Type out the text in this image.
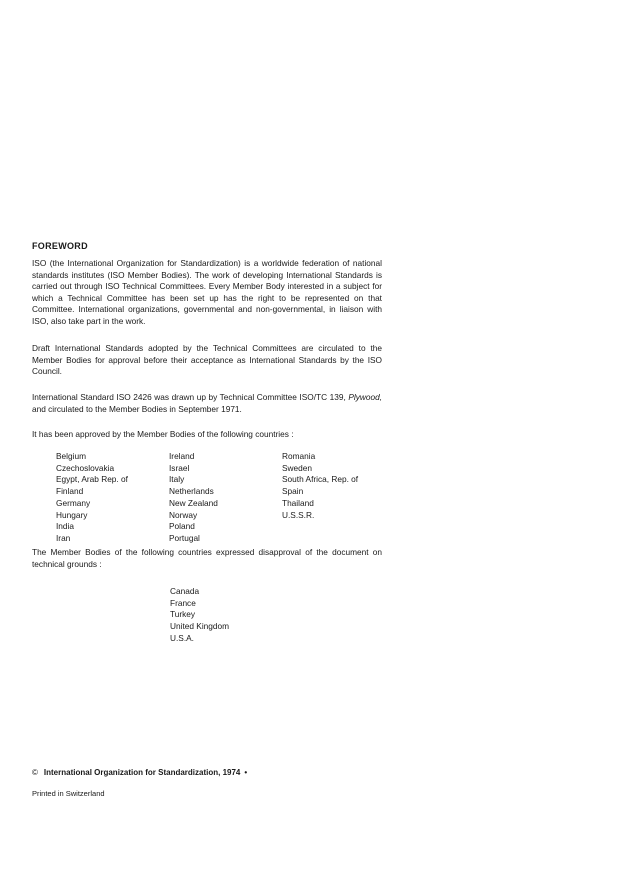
FOREWORD

ISO (the International Organization for Standardization) is a worldwide federation of national standards institutes (ISO Member Bodies). The work of developing International Standards is carried out through ISO Technical Committees. Every Member Body interested in a subject for which a Technical Committee has been set up has the right to be represented on that Committee. International organizations, governmental and non-governmental, in liaison with ISO, also take part in the work.

Draft International Standards adopted by the Technical Committees are circulated to the Member Bodies for approval before their acceptance as International Standards by the ISO Council.

International Standard ISO 2426 was drawn up by Technical Committee ISO/TC 139, Plywood, and circulated to the Member Bodies in September 1971.

It has been approved by the Member Bodies of the following countries :

Belgium
Czechoslovakia
Egypt, Arab Rep. of
Finland
Germany
Hungary
India
Iran
Ireland
Israel
Italy
Netherlands
New Zealand
Norway
Poland
Portugal
Romania
Sweden
South Africa, Rep. of
Spain
Thailand
U.S.S.R.

The Member Bodies of the following countries expressed disapproval of the document on technical grounds :

Canada
France
Turkey
United Kingdom
U.S.A.
© International Organization for Standardization, 1974 •
Printed in Switzerland
